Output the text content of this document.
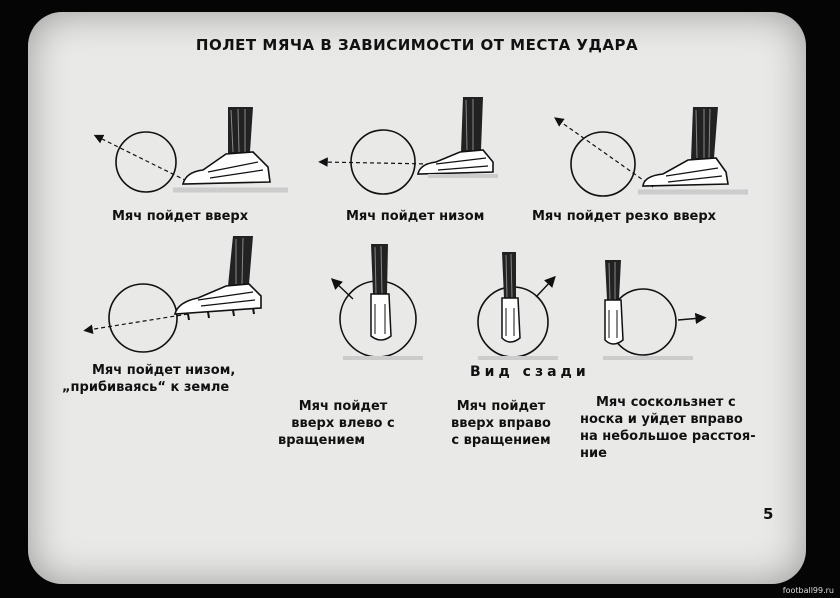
ПОЛЕТ МЯЧА В ЗАВИСИМОСТИ ОТ МЕСТА УДАРА
Мяч пойдет вверх	Мяч пойдет низом	Мяч пойдет резко вверх
Мяч пойдет низом,
„прибиваясь“ к земле
Вид сзади
Мяч пойдет
вверх влево с
вращением
Мяч пойдет
вверх вправо
с вращением
Мяч соскользнет с
носка и уйдет вправо
на небольшое расстоя-
ние
5
football99.ru
